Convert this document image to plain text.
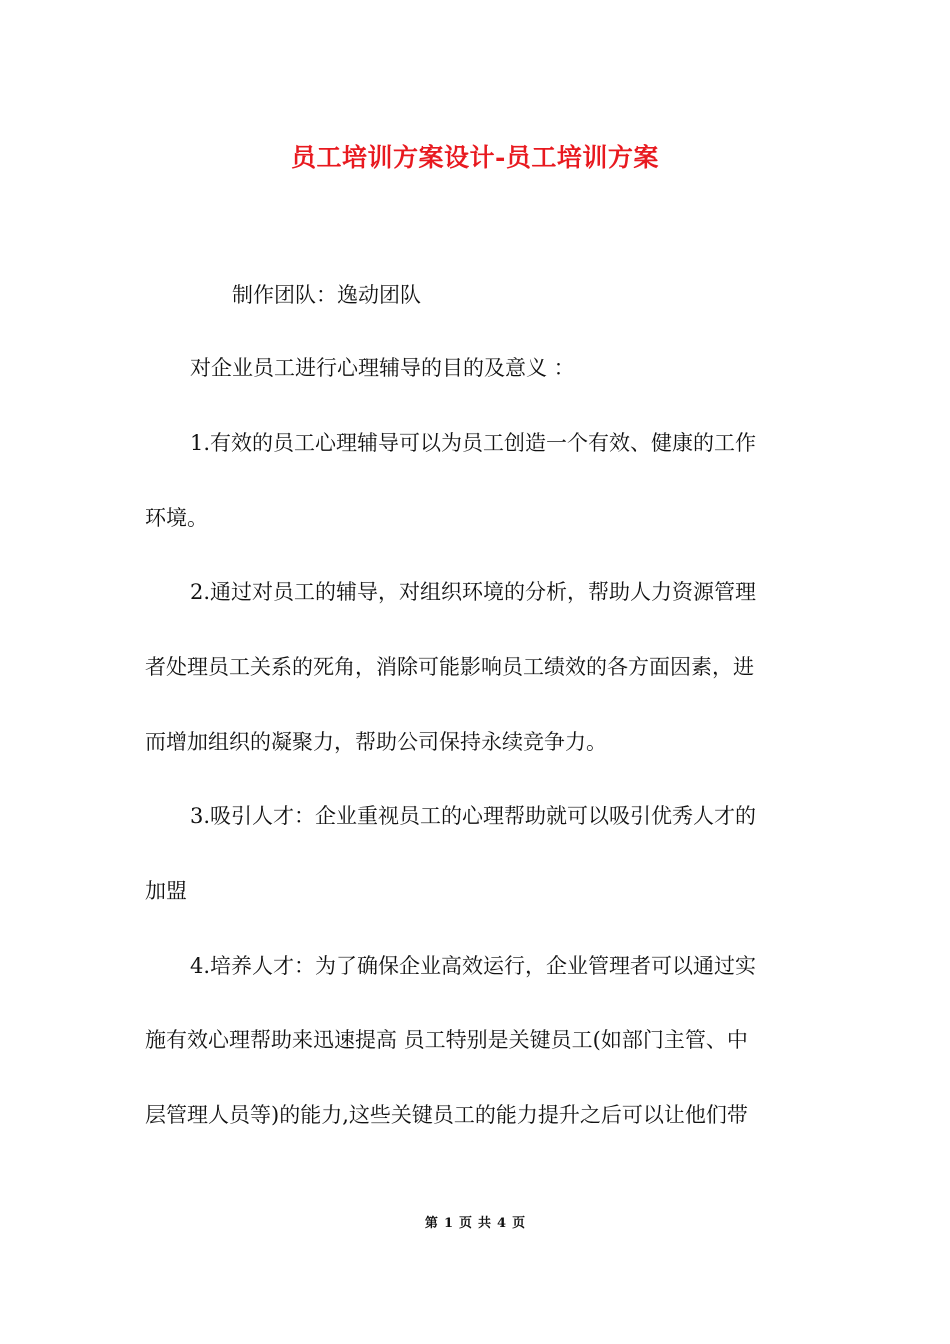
员工培训方案设计-员工培训方案
制作团队：逸动团队
对企业员工进行心理辅导的目的及意义 ：
1.有效的员工心理辅导可以为员工创造一个有效、健康的工作
环境。
2.通过对员工的辅导，对组织环境的分析，帮助人力资源管理
者处理员工关系的死角，消除可能影响员工绩效的各方面因素，进
而增加组织的凝聚力，帮助公司保持永续竞争力。
3.吸引人才：企业重视员工的心理帮助就可以吸引优秀人才的
加盟
4.培养人才：为了确保企业高效运行，企业管理者可以通过实
施有效心理帮助来迅速提高 员工特别是关键员工(如部门主管、中
层管理人员等)的能力,这些关键员工的能力提升之后可以让他们带
第 1 页 共 4 页
